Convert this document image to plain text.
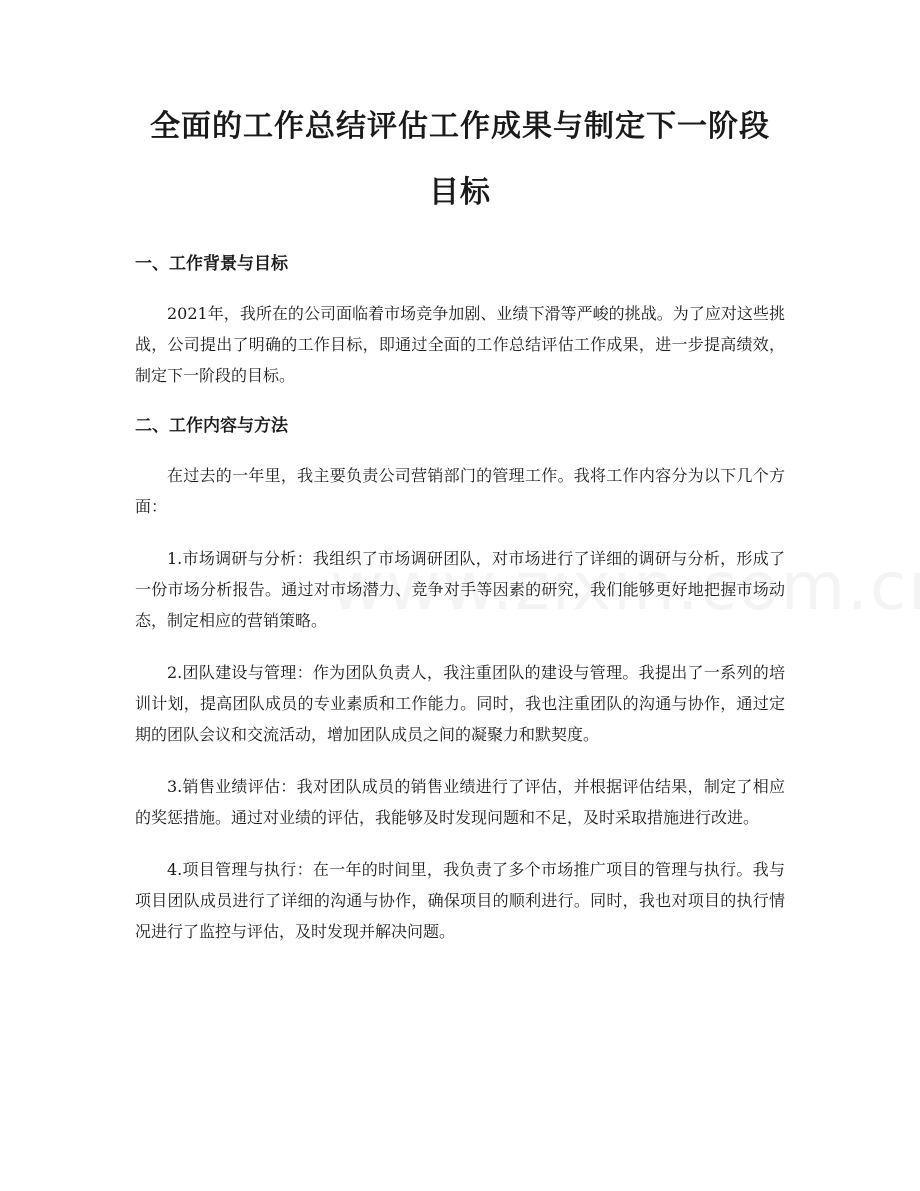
全面的工作总结评估工作成果与制定下一阶段目标
一、工作背景与目标

2021年，我所在的公司面临着市场竞争加剧、业绩下滑等严峻的挑战。为了应对这些挑战，公司提出了明确的工作目标，即通过全面的工作总结评估工作成果，进一步提高绩效，制定下一阶段的目标。

二、工作内容与方法

在过去的一年里，我主要负责公司营销部门的管理工作。我将工作内容分为以下几个方面：

1.市场调研与分析：我组织了市场调研团队，对市场进行了详细的调研与分析，形成了一份市场分析报告。通过对市场潜力、竞争对手等因素的研究，我们能够更好地把握市场动态，制定相应的营销策略。

2.团队建设与管理：作为团队负责人，我注重团队的建设与管理。我提出了一系列的培训计划，提高团队成员的专业素质和工作能力。同时，我也注重团队的沟通与协作，通过定期的团队会议和交流活动，增加团队成员之间的凝聚力和默契度。

3.销售业绩评估：我对团队成员的销售业绩进行了评估，并根据评估结果，制定了相应的奖惩措施。通过对业绩的评估，我能够及时发现问题和不足，及时采取措施进行改进。

4.项目管理与执行：在一年的时间里，我负责了多个市场推广项目的管理与执行。我与项目团队成员进行了详细的沟通与协作，确保项目的顺利进行。同时，我也对项目的执行情况进行了监控与评估，及时发现并解决问题。
